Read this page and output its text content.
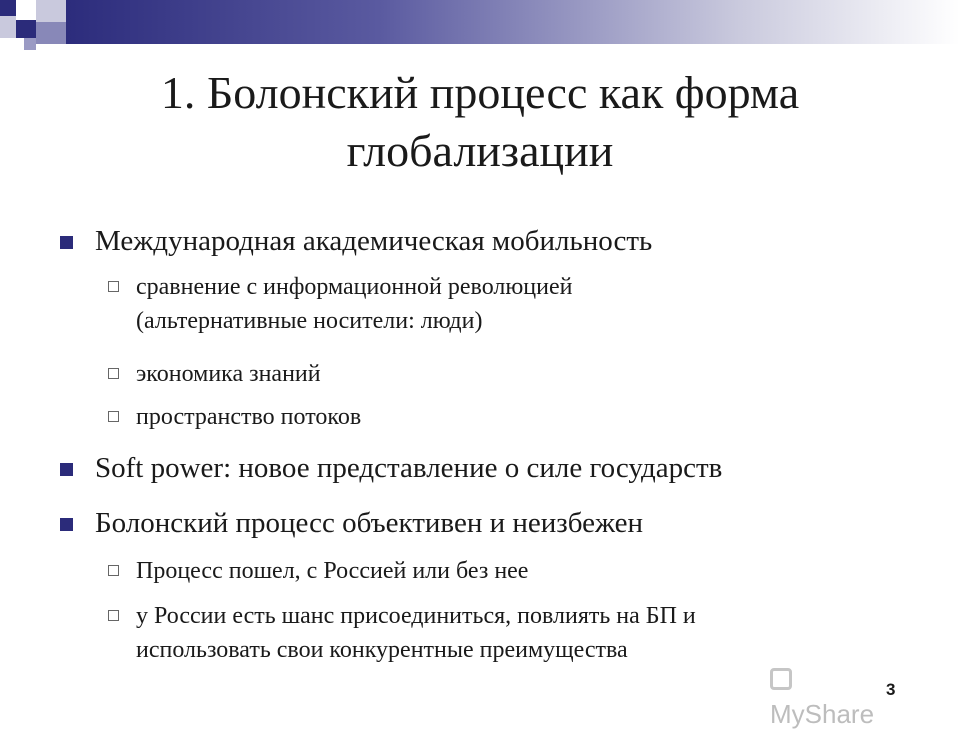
1. Болонский процесс как форма
глобализации
Международная академическая мобильность
сравнение с информационной революцией
(альтернативные носители: люди)
экономика знаний
пространство потоков
Soft power: новое представление о силе государств
Болонский процесс объективен и неизбежен
Процесс пошел, с Россией или без нее
у России есть шанс присоединиться, повлиять на БП и
использовать свои конкурентные преимущества
MyShare
3
